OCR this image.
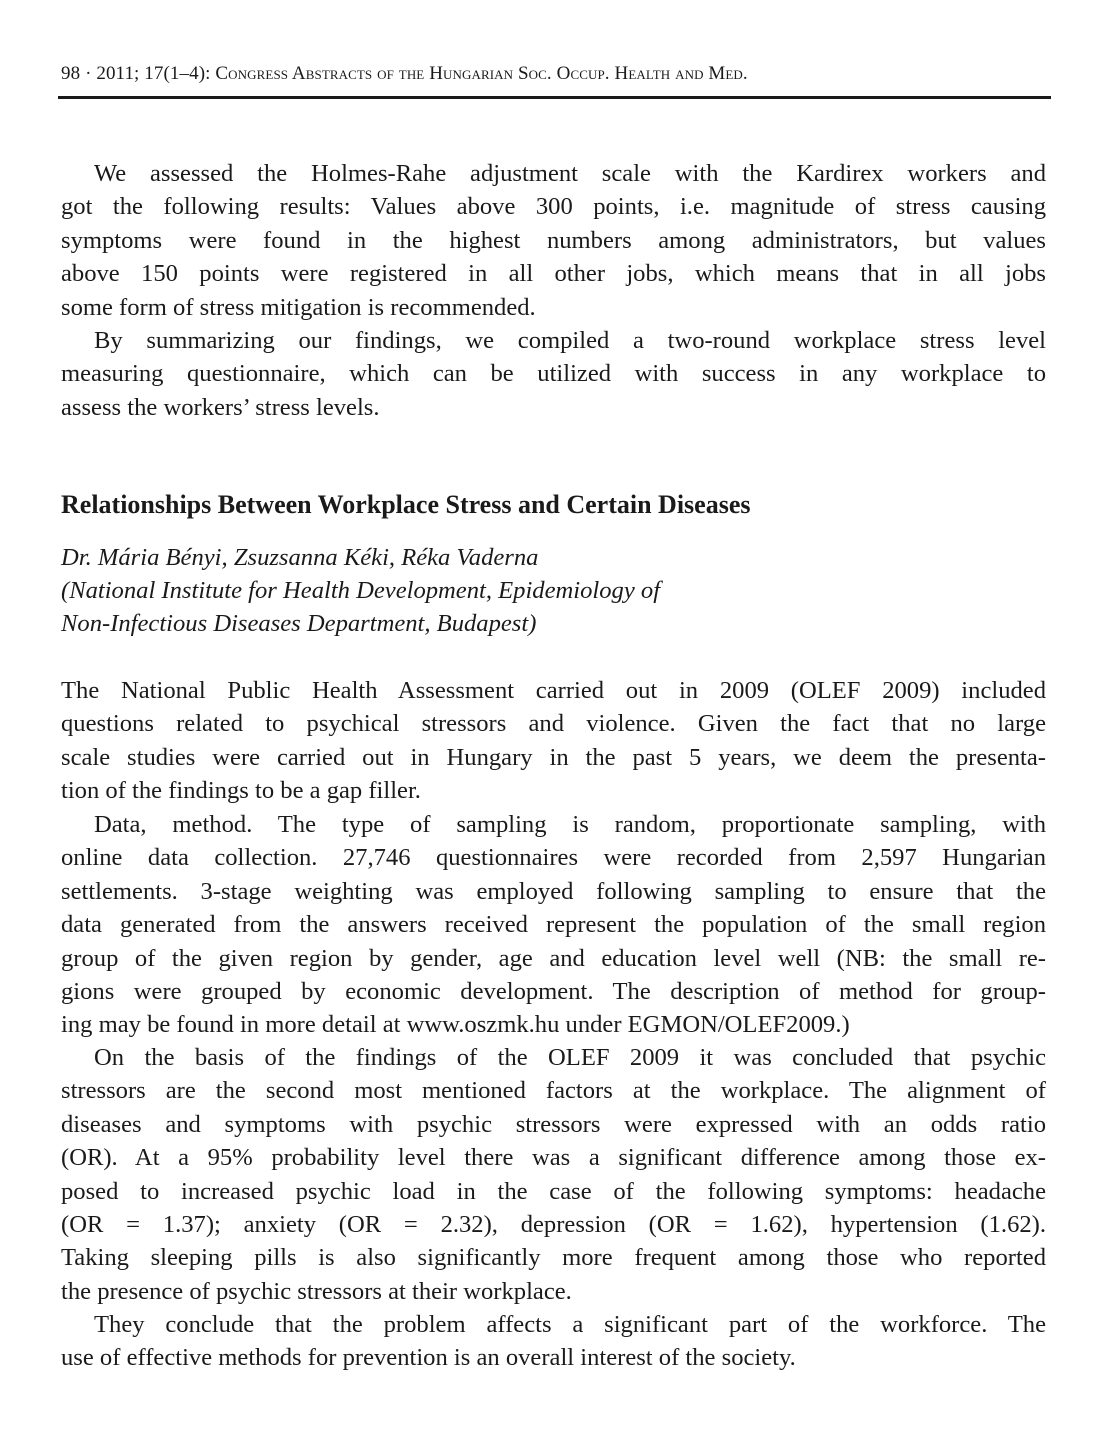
98 · 2011; 17(1–4): Congress Abstracts of the Hungarian Soc. Occup. Health and Med.
We assessed the Holmes-Rahe adjustment scale with the Kardirex workers and
got the following results: Values above 300 points, i.e. magnitude of stress causing
symptoms were found in the highest numbers among administrators, but values
above 150 points were registered in all other jobs, which means that in all jobs
some form of stress mitigation is recommended.
By summarizing our findings, we compiled a two-round workplace stress level
measuring questionnaire, which can be utilized with success in any workplace to
assess the workers’ stress levels.
Relationships Between Workplace Stress and Certain Diseases
Dr. Mária Bényi, Zsuzsanna Kéki, Réka Vaderna
(National Institute for Health Development, Epidemiology of
Non-Infectious Diseases Department, Budapest)
The National Public Health Assessment carried out in 2009 (OLEF 2009) included
questions related to psychical stressors and violence. Given the fact that no large
scale studies were carried out in Hungary in the past 5 years, we deem the presenta-
tion of the findings to be a gap filler.
Data, method. The type of sampling is random, proportionate sampling, with
online data collection. 27,746 questionnaires were recorded from 2,597 Hungarian
settlements. 3-stage weighting was employed following sampling to ensure that the
data generated from the answers received represent the population of the small region
group of the given region by gender, age and education level well (NB: the small re-
gions were grouped by economic development. The description of method for group-
ing may be found in more detail at www.oszmk.hu under EGMON/OLEF2009.)
On the basis of the findings of the OLEF 2009 it was concluded that psychic
stressors are the second most mentioned factors at the workplace. The alignment of
diseases and symptoms with psychic stressors were expressed with an odds ratio
(OR). At a 95% probability level there was a significant difference among those ex-
posed to increased psychic load in the case of the following symptoms: headache
(OR = 1.37); anxiety (OR = 2.32), depression (OR = 1.62), hypertension (1.62).
Taking sleeping pills is also significantly more frequent among those who reported
the presence of psychic stressors at their workplace.
They conclude that the problem affects a significant part of the workforce. The
use of effective methods for prevention is an overall interest of the society.
